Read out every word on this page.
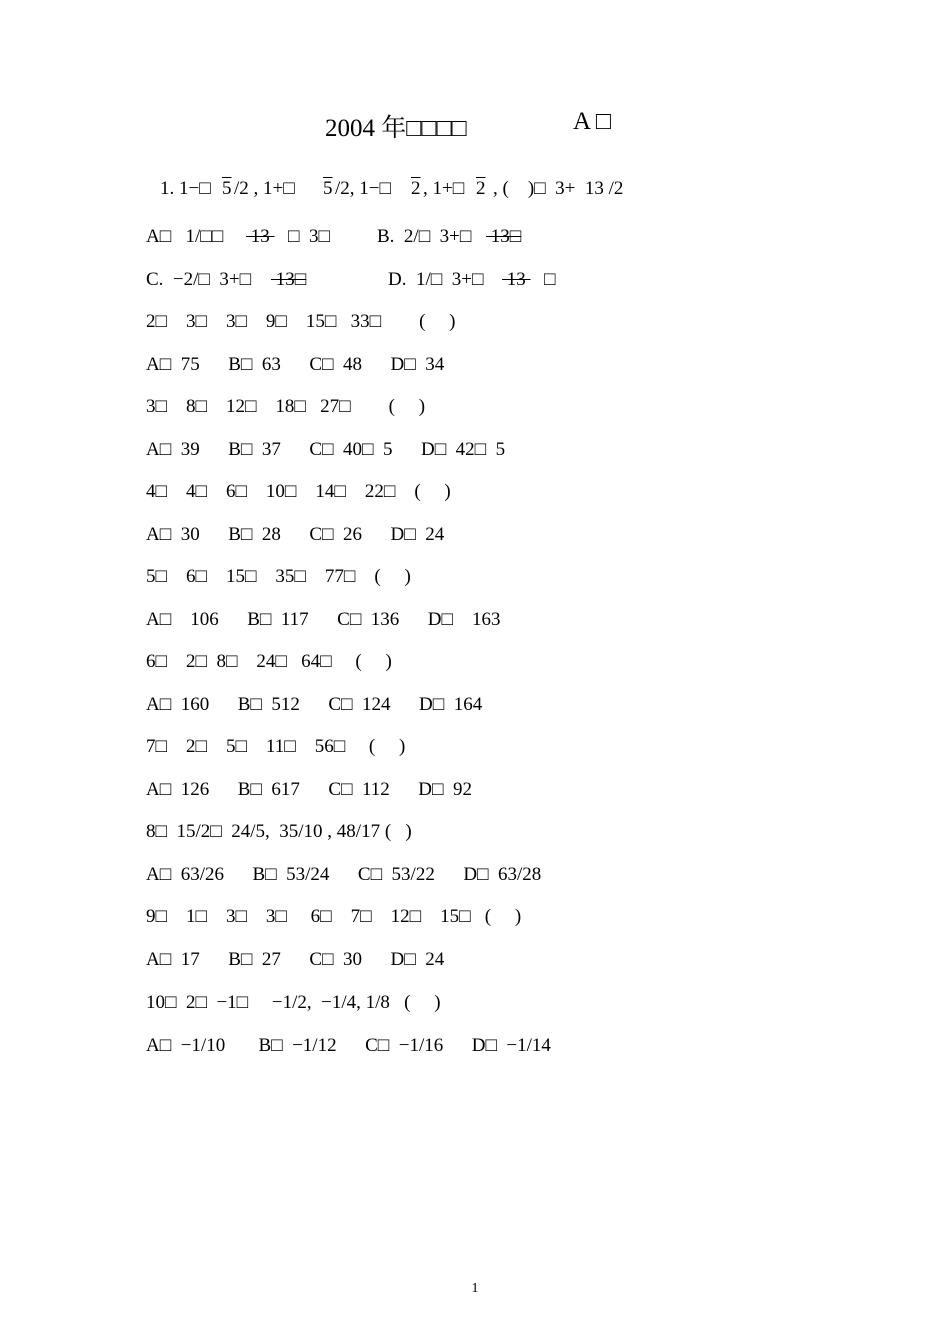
2004 年□□□□	A □

1. 1−□

5

/2 , 1+□

5

/2, 1−□

2

, 1+□

2

, (    )□  3+  13 /2

A□   1/□□

13

□  3□

B.  2/□  3+□

13□

C.  −2/□  3+□

13□

	D.  1/□  3+□

13

□

2□    3□    3□    9□    15□   33□        (     )
A□  75      B□  63      C□  48      D□  34
3□    8□    12□    18□   27□        (     )
A□  39      B□  37      C□  40□  5      D□  42□  5
4□    4□    6□    10□    14□    22□    (     )
A□  30      B□  28      C□  26      D□  24
5□    6□    15□    35□    77□    (     )
A□    106      B□  117      C□  136      D□    163
6□    2□  8□    24□   64□     (     )
A□  160      B□  512      C□  124      D□  164
7□    2□    5□    11□    56□     (     )
A□  126      B□  617      C□  112      D□  92
8□  15/2□  24/5,  35/10 , 48/17 (   )
A□  63/26      B□  53/24      C□  53/22      D□  63/28
9□    1□    3□    3□     6□    7□    12□    15□   (     )
A□  17      B□  27      C□  30      D□  24
10□  2□  −1□     −1/2,  −1/4, 1/8   (     )
A□  −1/10       B□  −1/12      C□  −1/16      D□  −1/14
1
